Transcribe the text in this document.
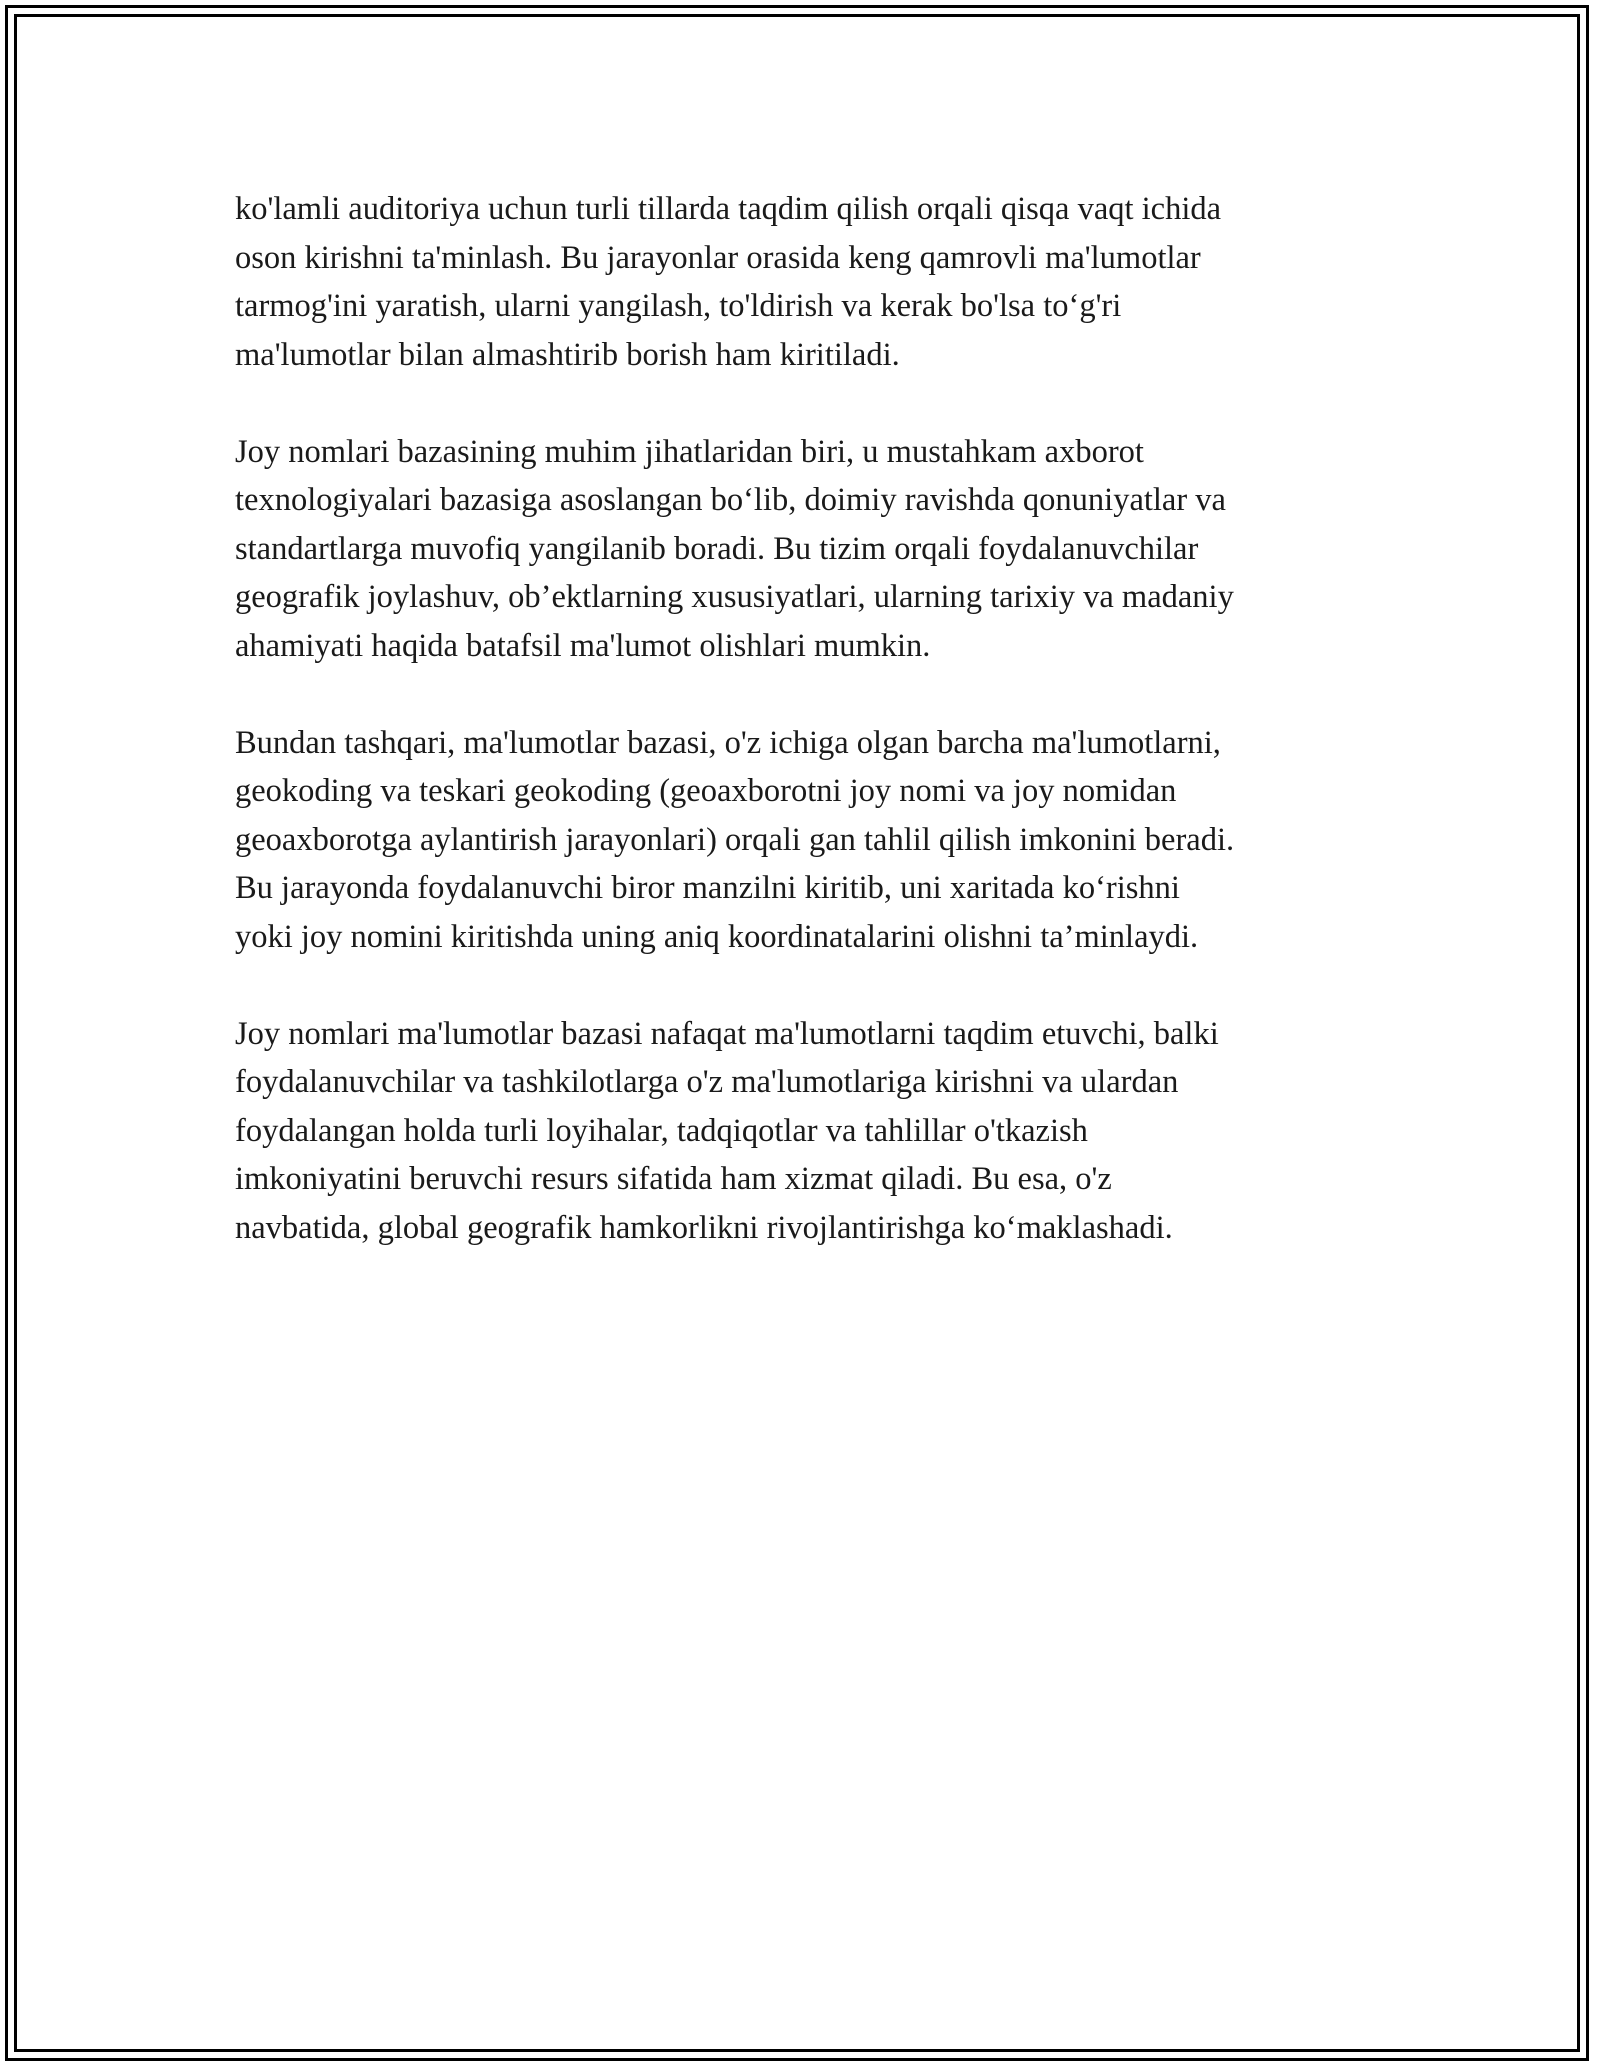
ko'lamli auditoriya uchun turli tillarda taqdim qilish orqali qisqa vaqt ichida
oson kirishni ta'minlash. Bu jarayonlar orasida keng qamrovli ma'lumotlar
tarmog'ini yaratish, ularni yangilash, to'ldirish va kerak bo'lsa to‘g'ri
ma'lumotlar bilan almashtirib borish ham kiritiladi.

Joy nomlari bazasining muhim jihatlaridan biri, u mustahkam axborot
texnologiyalari bazasiga asoslangan bo‘lib, doimiy ravishda qonuniyatlar va
standartlarga muvofiq yangilanib boradi. Bu tizim orqali foydalanuvchilar
geografik joylashuv, ob’ektlarning xususiyatlari, ularning tarixiy va madaniy
ahamiyati haqida batafsil ma'lumot olishlari mumkin.

Bundan tashqari, ma'lumotlar bazasi, o'z ichiga olgan barcha ma'lumotlarni,
geokoding va teskari geokoding (geoaxborotni joy nomi va joy nomidan
geoaxborotga aylantirish jarayonlari) orqali gan tahlil qilish imkonini beradi.
Bu jarayonda foydalanuvchi biror manzilni kiritib, uni xaritada ko‘rishni
yoki joy nomini kiritishda uning aniq koordinatalarini olishni ta’minlaydi.

Joy nomlari ma'lumotlar bazasi nafaqat ma'lumotlarni taqdim etuvchi, balki
foydalanuvchilar va tashkilotlarga o'z ma'lumotlariga kirishni va ulardan
foydalangan holda turli loyihalar, tadqiqotlar va tahlillar o'tkazish
imkoniyatini beruvchi resurs sifatida ham xizmat qiladi. Bu esa, o'z
navbatida, global geografik hamkorlikni rivojlantirishga ko‘maklashadi.
